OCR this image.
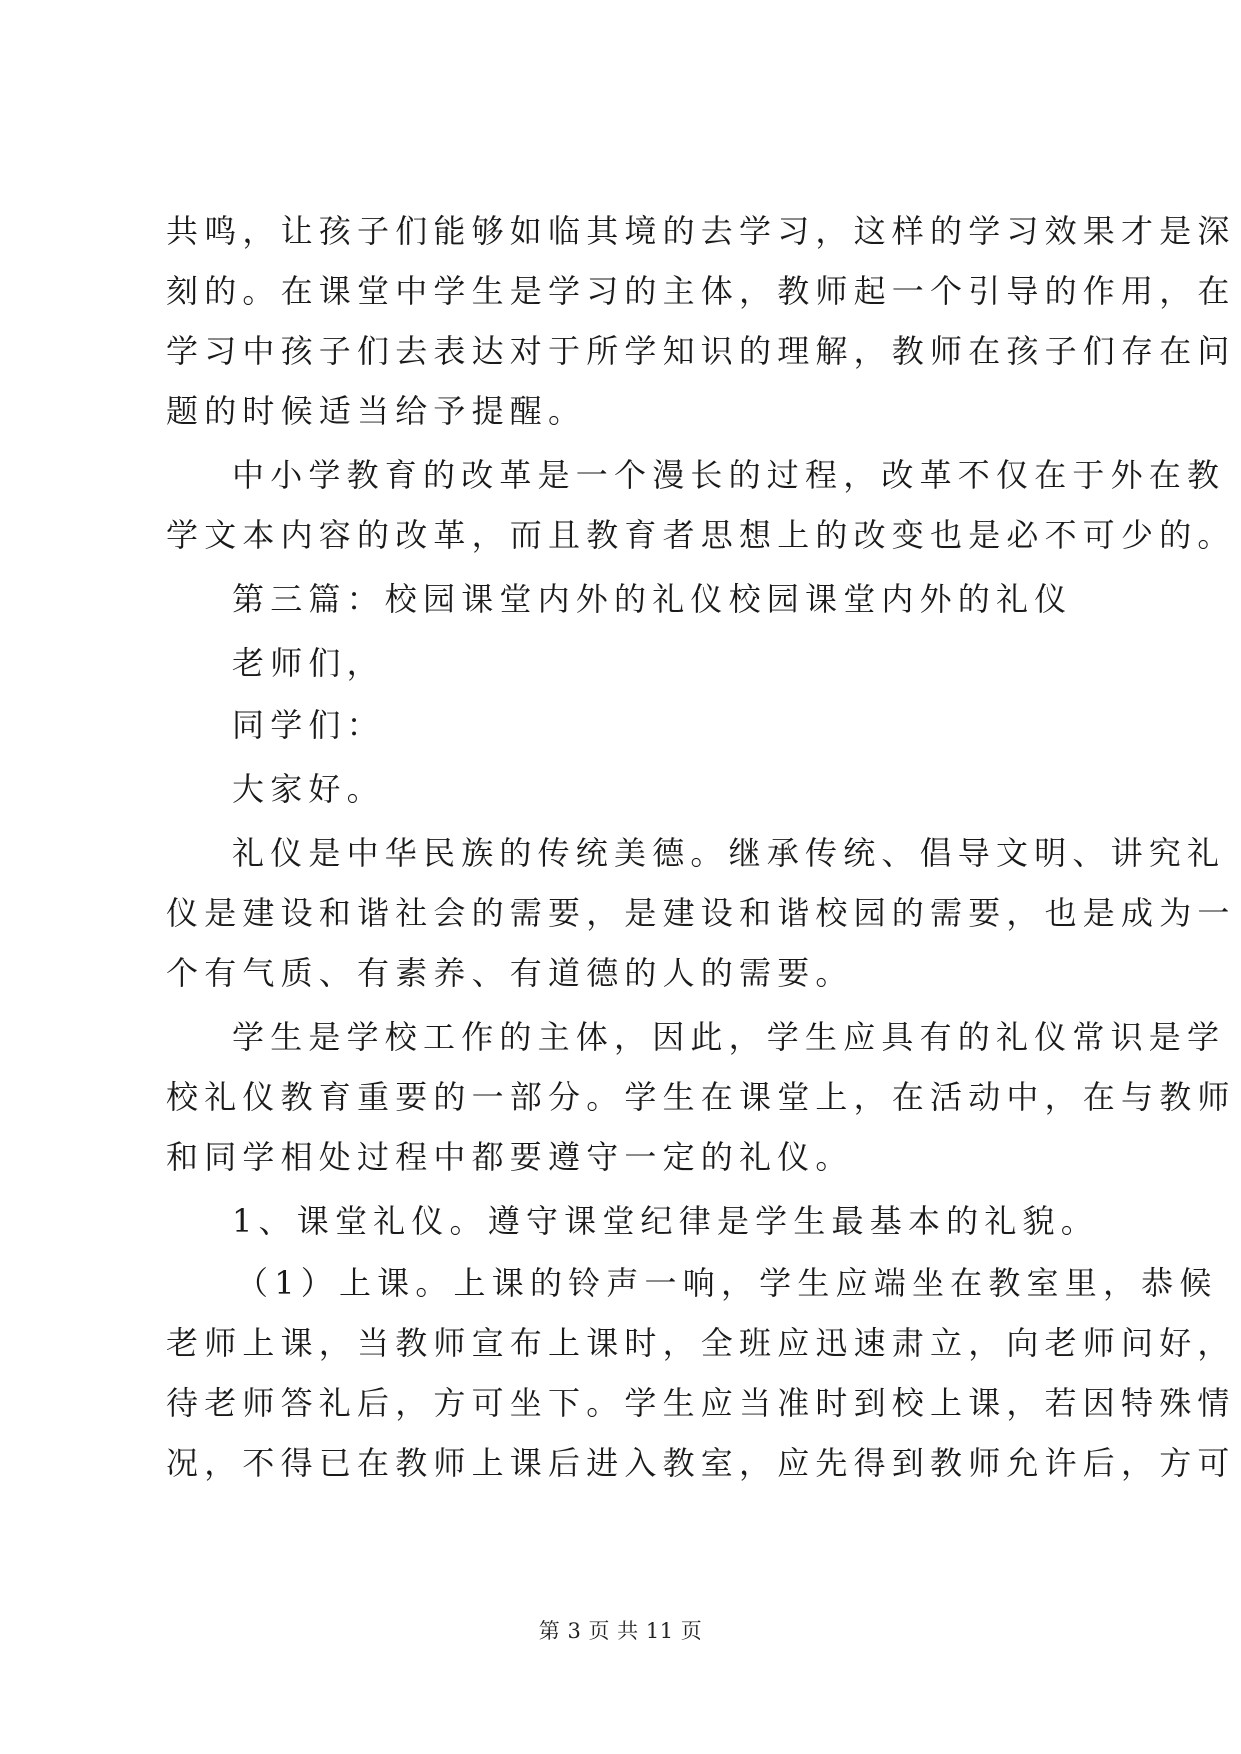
共鸣，让孩子们能够如临其境的去学习，这样的学习效果才是深
刻的。在课堂中学生是学习的主体，教师起一个引导的作用，在
学习中孩子们去表达对于所学知识的理解，教师在孩子们存在问
题的时候适当给予提醒。
中小学教育的改革是一个漫长的过程，改革不仅在于外在教
学文本内容的改革，而且教育者思想上的改变也是必不可少的。
第三篇：校园课堂内外的礼仪校园课堂内外的礼仪
老师们，
同学们：
大家好。
礼仪是中华民族的传统美德。继承传统、倡导文明、讲究礼
仪是建设和谐社会的需要，是建设和谐校园的需要，也是成为一
个有气质、有素养、有道德的人的需要。
学生是学校工作的主体，因此，学生应具有的礼仪常识是学
校礼仪教育重要的一部分。学生在课堂上，在活动中，在与教师
和同学相处过程中都要遵守一定的礼仪。
1、课堂礼仪。遵守课堂纪律是学生最基本的礼貌。
（1）上课。上课的铃声一响，学生应端坐在教室里，恭候
老师上课，当教师宣布上课时，全班应迅速肃立，向老师问好，
待老师答礼后，方可坐下。学生应当准时到校上课，若因特殊情
况，不得已在教师上课后进入教室，应先得到教师允许后，方可
第 3 页 共 11 页
